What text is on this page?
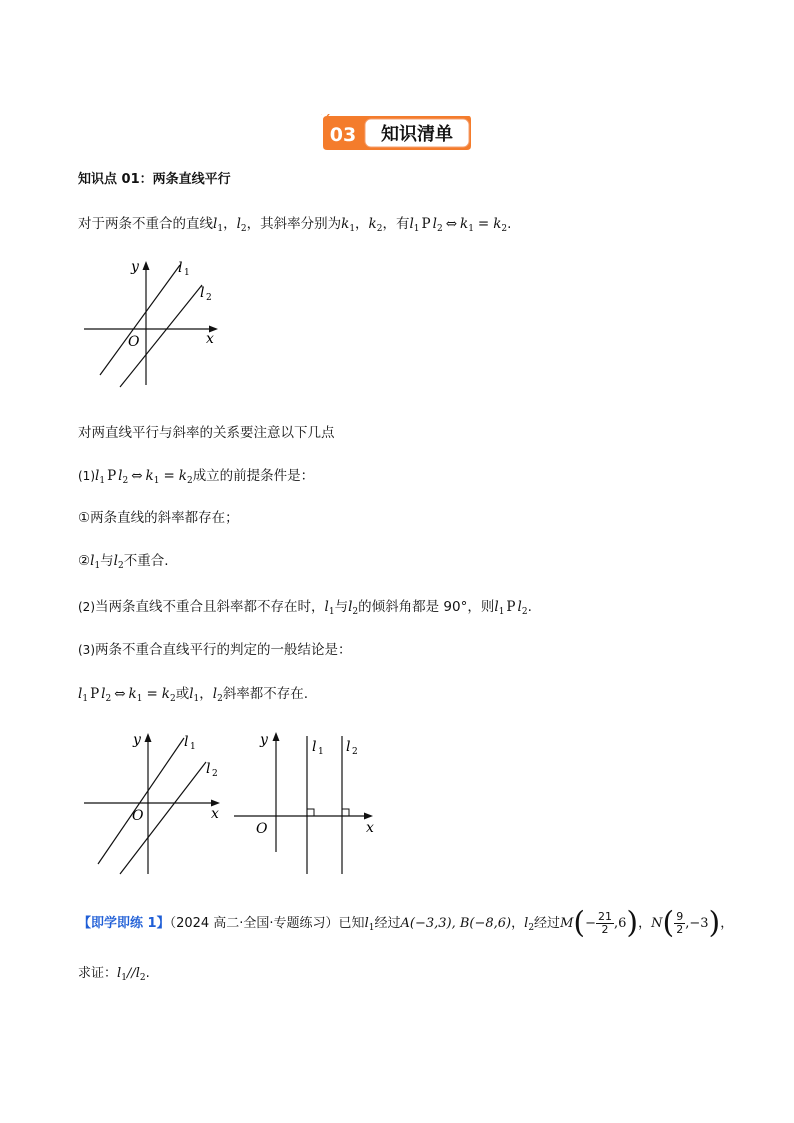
03 知识清单
知识点 01：两条直线平行
对于两条不重合的直线$l_1$，$l_2$，其斜率分别为$k_1$，$k_2$，有$l_1$ P $l_2$ ⇔ $k_1 = k_2$.
y
x
O
l 1
l 2
对两直线平行与斜率的关系要注意以下几点
$(1)l_1$ P $l_2$ ⇔ $k_1 = k_2$成立的前提条件是：
①两条直线的斜率都存在；
$②l_1$与$l_2$不重合.
(2)当两条直线不重合且斜率都不存在时，$l_1$与$l_2$的倾斜角都是 90°，则$l_1$ P $l_2$.
(3)两条不重合直线平行的判定的一般结论是：
$l_1$ P $l_2$ ⇔ $k_1 = k_2$或$l_1$，$l_2$斜率都不存在.
y
x
O
l 1
l 2
y
x
O
l 1 l 2
【即学即练 1】（2024 高二·全国·专题练习）已知$l_1$经过A(−3,3), B(−8,6)，$l_2$经过$M(- \frac{21}{2} ,6)$，$N( \frac{9}{2} ,-3)$，
求证：$l_1//l_2$.
